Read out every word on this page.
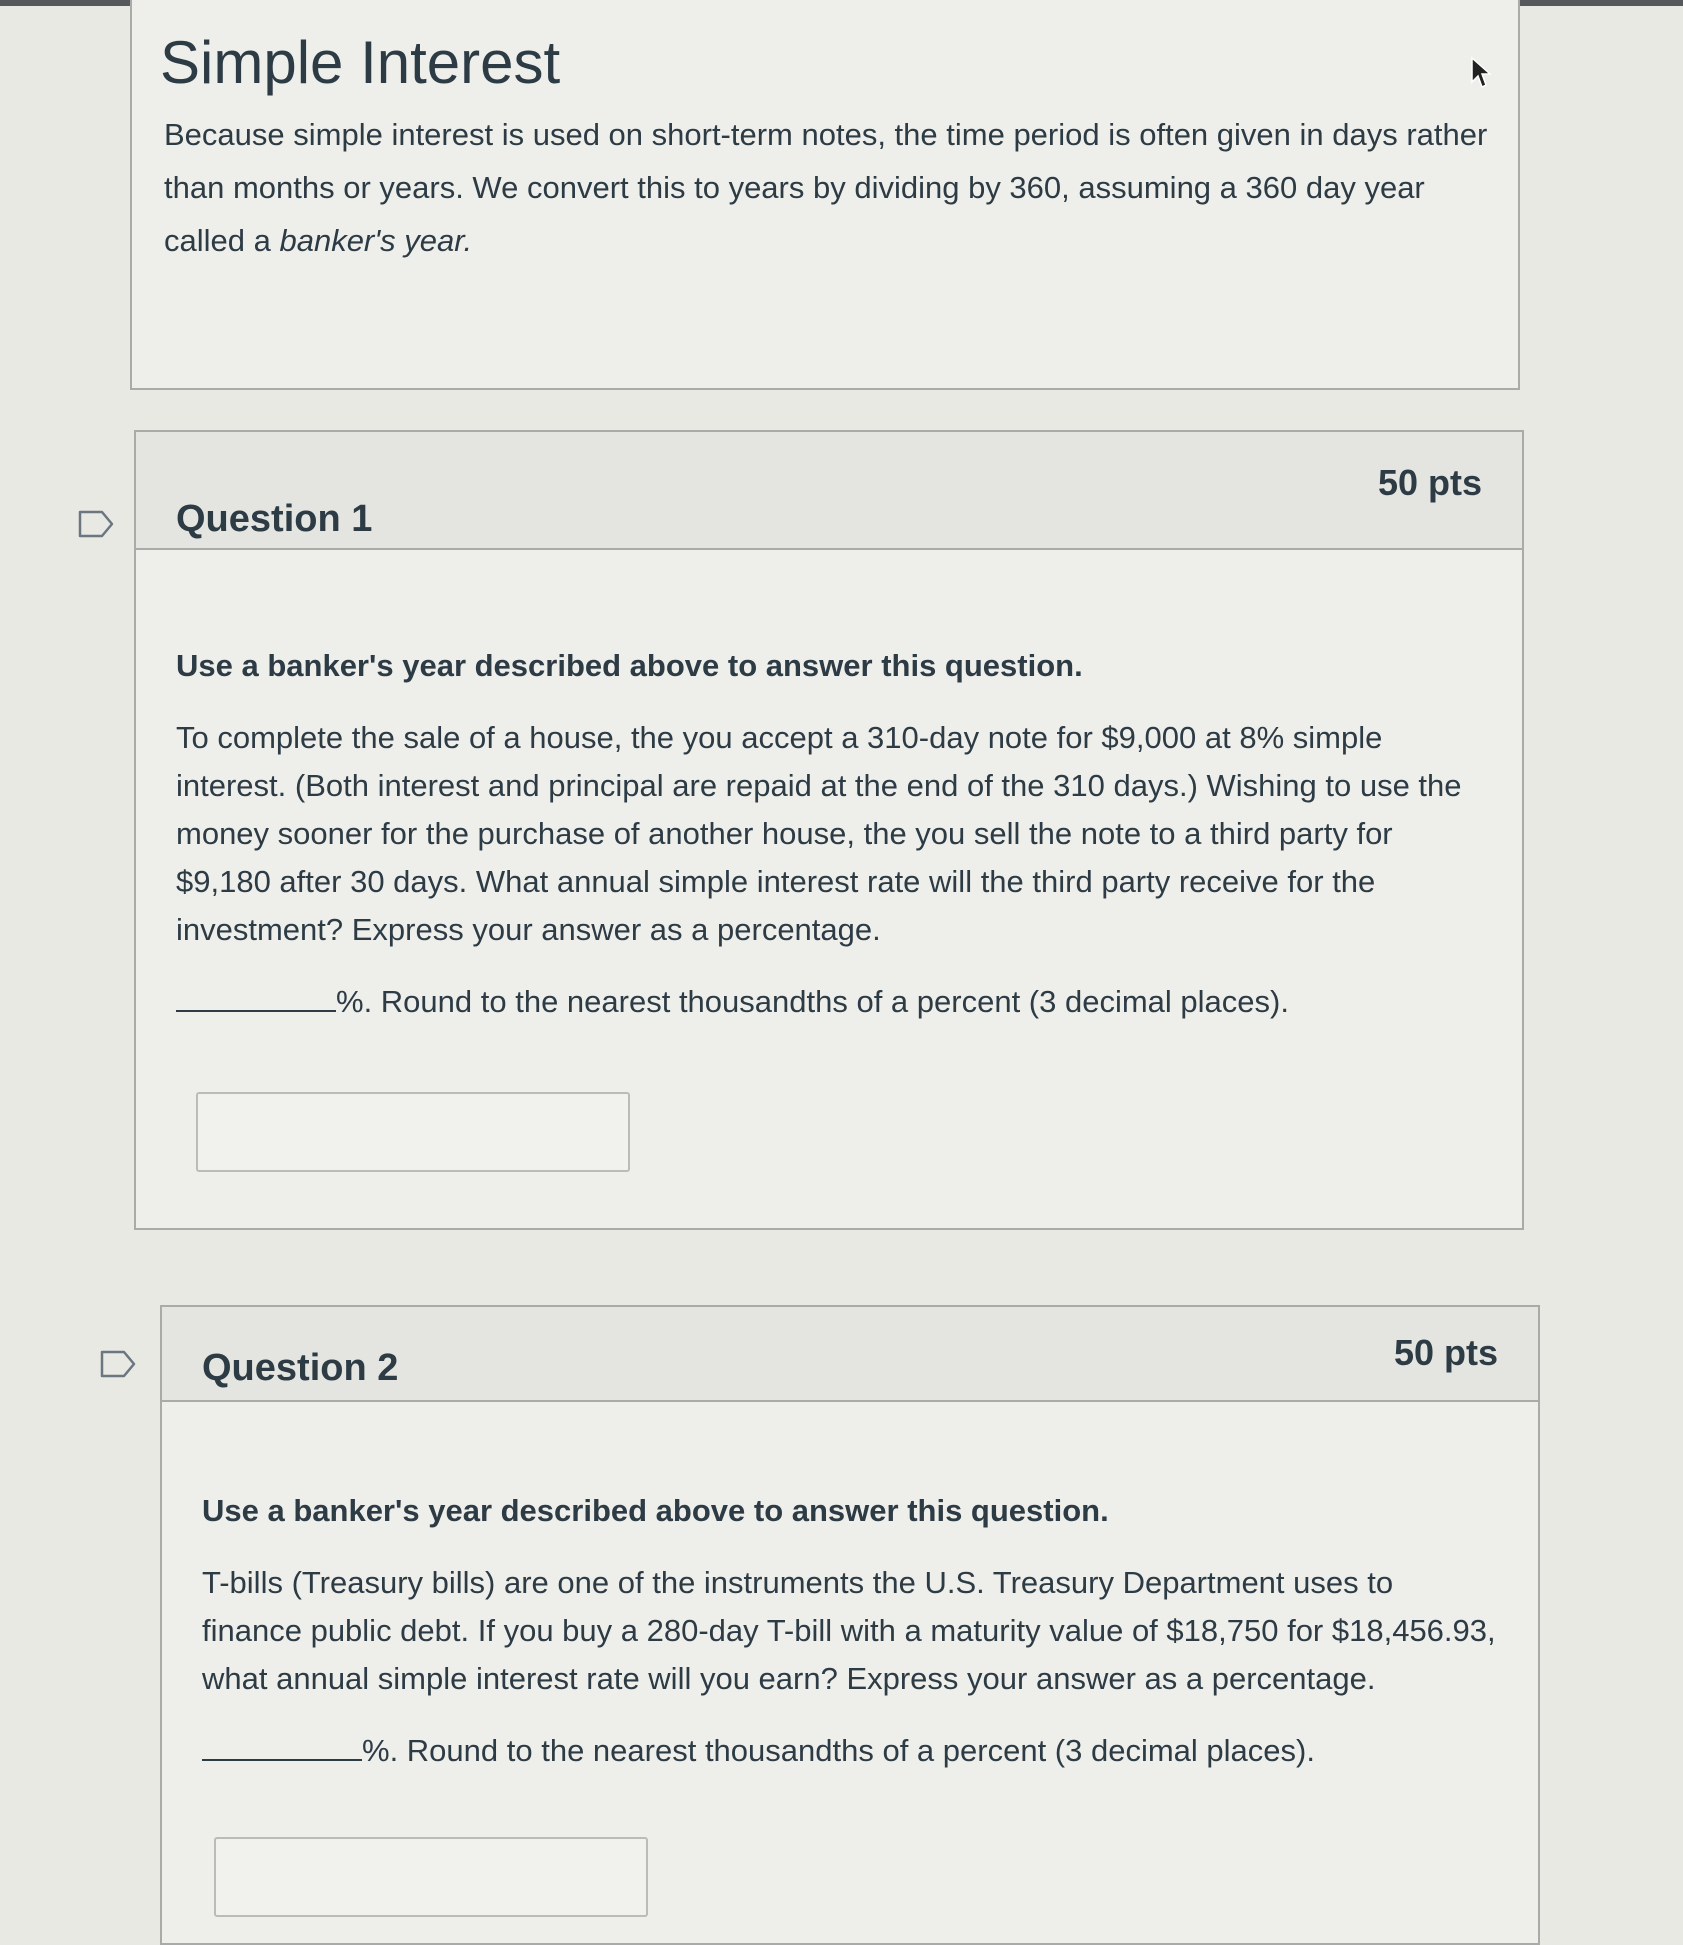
Simple Interest

Because simple interest is used on short-term notes, the time period is often given in days rather than months or years. We convert this to years by dividing by 360, assuming a 360 day year called a banker's year.

Question 1
50 pts

Use a banker's year described above to answer this question.

To complete the sale of a house, the you accept a 310-day note for $9,000 at 8% simple interest. (Both interest and principal are repaid at the end of the 310 days.) Wishing to use the money sooner for the purchase of another house, the you sell the note to a third party for $9,180 after 30 days. What annual simple interest rate will the third party receive for the investment? Express your answer as a percentage.

%. Round to the nearest thousandths of a percent (3 decimal places).

Question 2	50 pts

Use a banker's year described above to answer this question.

T-bills (Treasury bills) are one of the instruments the U.S. Treasury Department uses to finance public debt. If you buy a 280-day T-bill with a maturity value of $18,750 for $18,456.93, what annual simple interest rate will you earn? Express your answer as a percentage.

%. Round to the nearest thousandths of a percent (3 decimal places).
